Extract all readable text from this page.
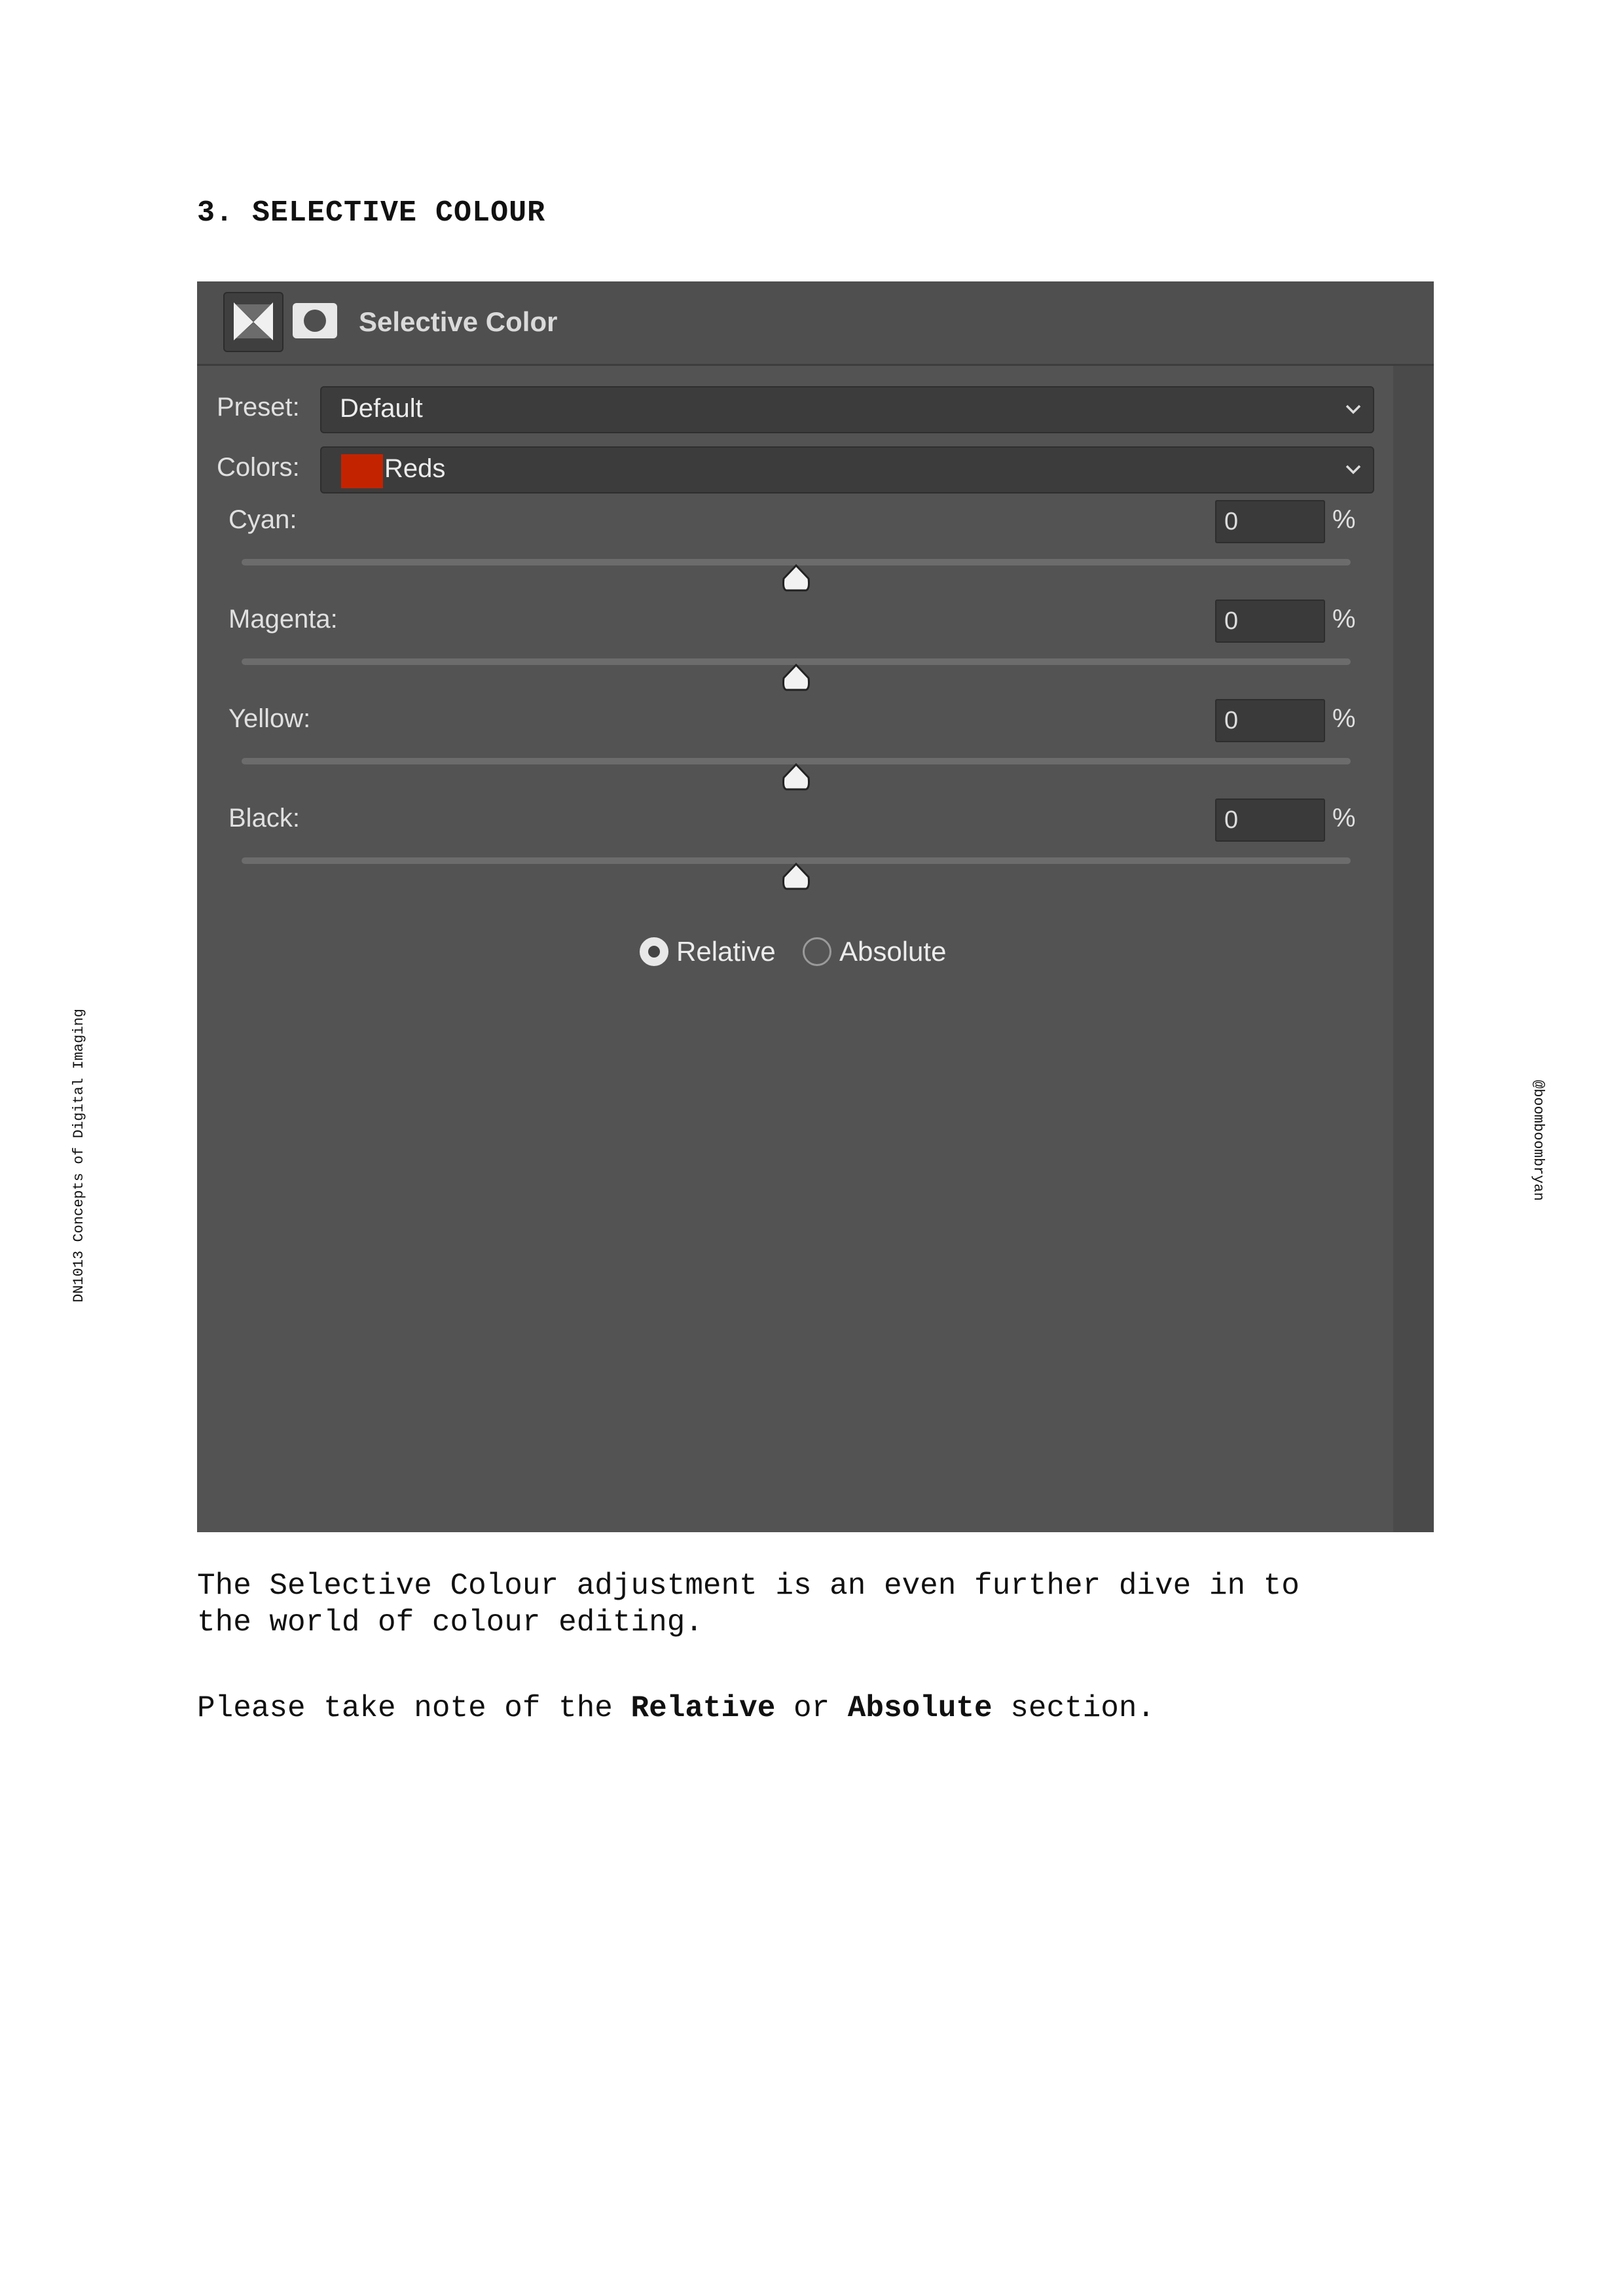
3. SELECTIVE COLOUR
DN1013 Concepts of Digital Imaging	@boomboombryan
Selective Color
Preset: Default
Colors:	Reds
Cyan:	0	%
Magenta:	0	%
Yellow:	0	%
Black:	0	%
Relative Absolute
The Selective Colour adjustment is an even further dive in to
the world of colour editing.
Please take note of the Relative or Absolute section.
